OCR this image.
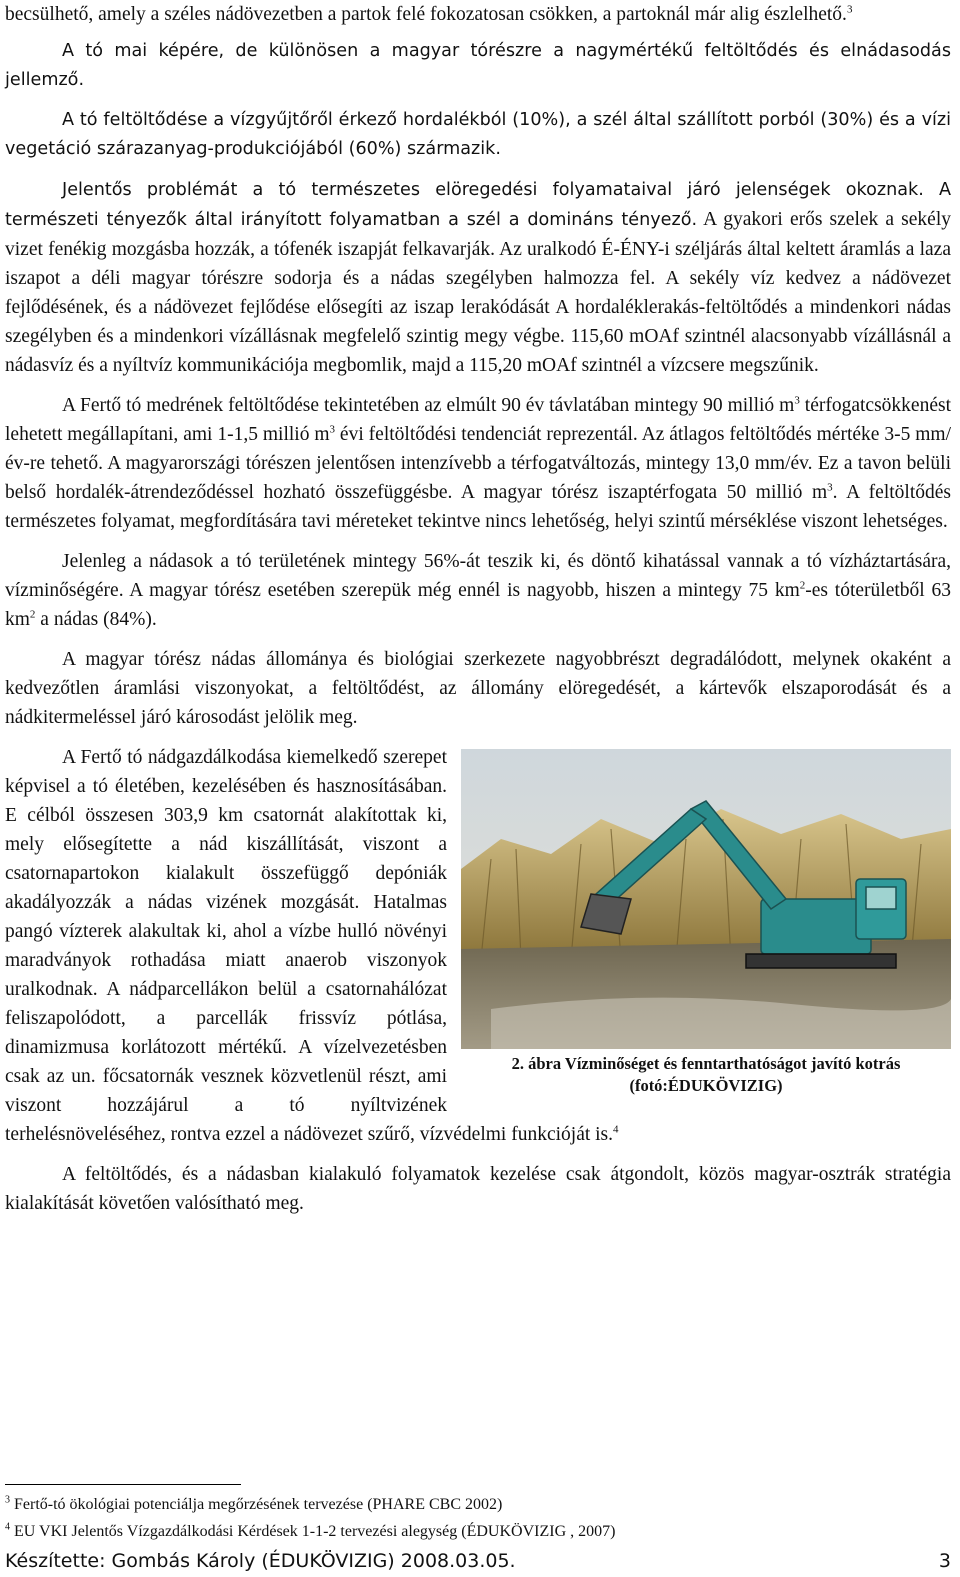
becsülhető, amely a széles nádövezetben a partok felé fokozatosan csökken, a partoknál már alig észlelhető.$^3$

A tó mai képére, de különösen a magyar tórészre a nagymértékű feltöltődés és elnádasodás jellemző.

A tó feltöltődése a vízgyűjtőről érkező hordalékból (10%), a szél által szállított porból (30%) és a vízi vegetáció szárazanyag-produkciójából (60%) származik.

Jelentős problémát a tó természetes elöregedési folyamataival járó jelenségek okoznak. A természeti tényezők által irányított folyamatban a szél a domináns tényező. A gyakori erős szelek a sekély vizet fenékig mozgásba hozzák, a tófenék iszapját felkavarják. Az uralkodó É-ÉNY-i széljárás által keltett áramlás a laza iszapot a déli magyar tórészre sodorja és a nádas szegélyben halmozza fel. A sekély víz kedvez a nádövezet fejlődésének, és a nádövezet fejlődése elősegíti az iszap lerakódását A hordaléklerakás-feltöltődés a mindenkori nádas szegélyben és a mindenkori vízállásnak megfelelő szintig megy végbe. 115,60 mOAf szintnél alacsonyabb vízállásnál a nádasvíz és a nyíltvíz kommunikációja megbomlik, majd a 115,20 mOAf szintnél a vízcsere megszűnik.

A Fertő tó medrének feltöltődése tekintetében az elmúlt 90 év távlatában mintegy 90 millió $m^3$ térfogatcsökkenést lehetett megállapítani, ami 1-1,5 millió $m^3$ évi feltöltődési tendenciát reprezentál. Az átlagos feltöltődés mértéke 3-5 mm/év-re tehető. A magyarországi tórészen jelentősen intenzívebb a térfogatváltozás, mintegy 13,0 mm/év. Ez a tavon belüli belső hordalék-átrendeződéssel hozható összefüggésbe. A magyar tórész iszaptérfogata 50 millió $m^3$. A feltöltődés természetes folyamat, megfordítására tavi méreteket tekintve nincs lehetőség, helyi szintű mérséklése viszont lehetséges.

Jelenleg a nádasok a tó területének mintegy 56%-át teszik ki, és döntő kihatással vannak a tó vízháztartására, vízminőségére. A magyar tórész esetében szerepük még ennél is nagyobb, hiszen a mintegy 75 $km^2-es$ tóterületből 63 $km^2$ a nádas (84%).

A magyar tórész nádas állománya és biológiai szerkezete nagyobbrészt degradálódott, melynek okaként a kedvezőtlen áramlási viszonyokat, a feltöltődést, az állomány elöregedését, a kártevők elszaporodását és a nádkitermeléssel járó károsodást jelölik meg.

2. ábra Vízminőséget és fenntarthatóságot javító kotrás (fotó:ÉDUKÖVIZIG)

A Fertő tó nádgazdálkodása kiemelkedő szerepet képvisel a tó életében, kezelésében és hasznosításában. E célból összesen 303,9 km csatornát alakítottak ki, mely elősegítette a nád kiszállítását, viszont a csatornapartokon kialakult összefüggő depóniák akadályozzák a nádas vizének mozgását. Hatalmas pangó vízterek alakultak ki, ahol a vízbe hulló növényi maradványok rothadása miatt anaerob viszonyok uralkodnak. A nádparcellákon belül a csatornahálózat feliszapolódott, a parcellák frissvíz pótlása, dinamizmusa korlátozott mértékű. A vízelvezetésben csak az un. főcsatornák vesznek közvetlenül részt, ami viszont hozzájárul a tó nyíltvizének terhelésnöveléséhez, rontva ezzel a nádövezet szűrő, vízvédelmi funkcióját is.$^4$

A feltöltődés, és a nádasban kialakuló folyamatok kezelése csak átgondolt, közös magyar-osztrák stratégia kialakítását követően valósítható meg.

$^3$ Fertő-tó ökológiai potenciálja megőrzésének tervezése (PHARE CBC 2002)

$^4$ EU VKI Jelentős Vízgazdálkodási Kérdések 1-1-2 tervezési alegység (ÉDUKÖVIZIG , 2007)

Készítette: Gombás Károly (ÉDUKÖVIZIG) 2008.03.05.	3
